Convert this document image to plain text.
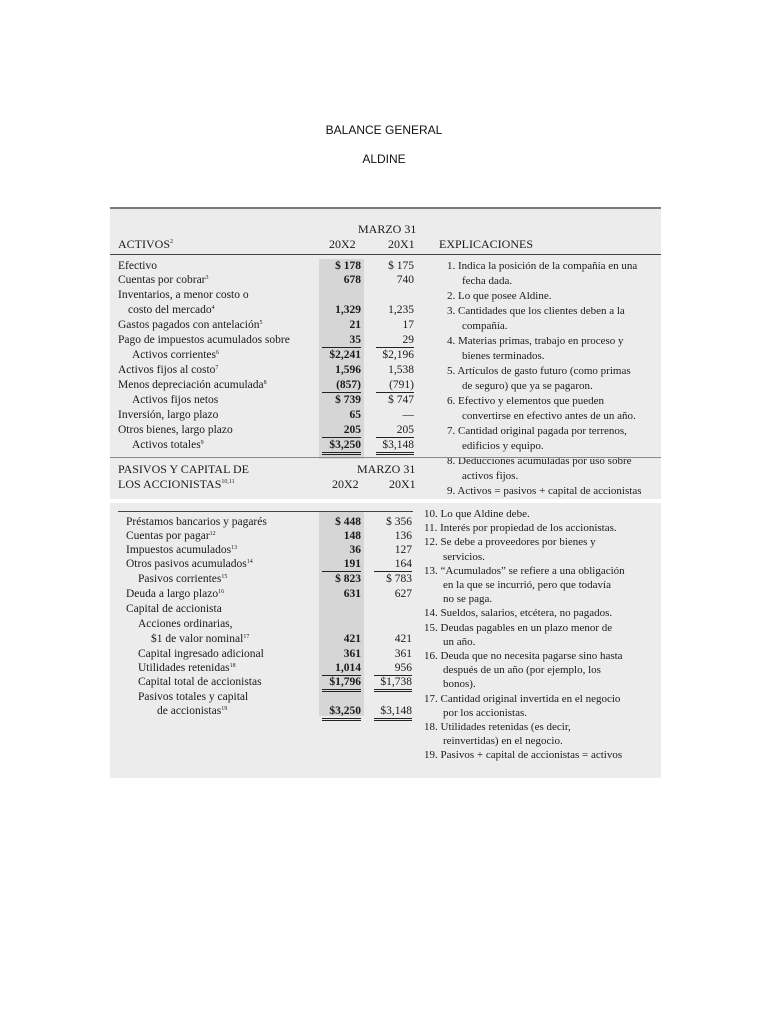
BALANCE GENERAL
ALDINE
MARZO 31
ACTIVOS$^2$	20X2	20X1 EXPLICACIONES
Efectivo	$ 178	$ 175
Cuentas por cobrar$^3$	678	740
Inventarios, a menor costo o
costo del mercado$^4$	1,329	1,235
Gastos pagados con antelación$^5$	21	17
Pago de impuestos acumulados sobre	35	29
Activos corrientes$^6$	$2,241	$2,196
Activos fijos al costo$^7$	1,596	1,538
Menos depreciación acumulada$^8$	(857)	(791)
Activos fijos netos	$ 739	$ 747
Inversión, largo plazo	65	—
Otros bienes, largo plazo	205	205
Activos totales$^9$	$3,250	$3,148
1. Indica la posición de la compañía en una
fecha dada.
2. Lo que posee Aldine.
3. Cantidades que los clientes deben a la
compañía.
4. Materias primas, trabajo en proceso y
bienes terminados.
5. Artículos de gasto futuro (como primas
de seguro) que ya se pagaron.
6. Efectivo y elementos que pueden
convertirse en efectivo antes de un año.
7. Cantidad original pagada por terrenos,
edificios y equipo.
8. Deducciones acumuladas por uso sobre
activos fijos.
9. Activos = pasivos + capital de accionistas
Préstamos bancarios y pagarés	$ 448	$ 356
Cuentas por pagar$^{12}$	148	136
Impuestos acumulados$^{13}$	36	127
Otros pasivos acumulados$^{14}$	191	164
Pasivos corrientes$^{15}$	$ 823	$ 783
Deuda a largo plazo$^{16}$	631	627
Capital de accionista
Acciones ordinarias,
$1 de valor nominal$^{17}$	421	421
Capital ingresado adicional	361	361
Utilidades retenidas$^{18}$	1,014	956
Capital total de accionistas	$1,796	$1,738
Pasivos totales y capital
de accionistas$^{19}$	$3,250	$3,148
10. Lo que Aldine debe.
11. Interés por propiedad de los accionistas.
12. Se debe a proveedores por bienes y
servicios.
13. “Acumulados” se refiere a una obligación
en la que se incurrió, pero que todavía
no se paga.
14. Sueldos, salarios, etcétera, no pagados.
15. Deudas pagables en un plazo menor de
un año.
16. Deuda que no necesita pagarse sino hasta
después de un año (por ejemplo, los
bonos).
17. Cantidad original invertida en el negocio
por los accionistas.
18. Utilidades retenidas (es decir,
reinvertidas) en el negocio.
19. Pasivos + capital de accionistas = activos
PASIVOS Y CAPITAL DE
LOS ACCIONISTAS$^{10,11}$
MARZO 31
20X2	20X1
